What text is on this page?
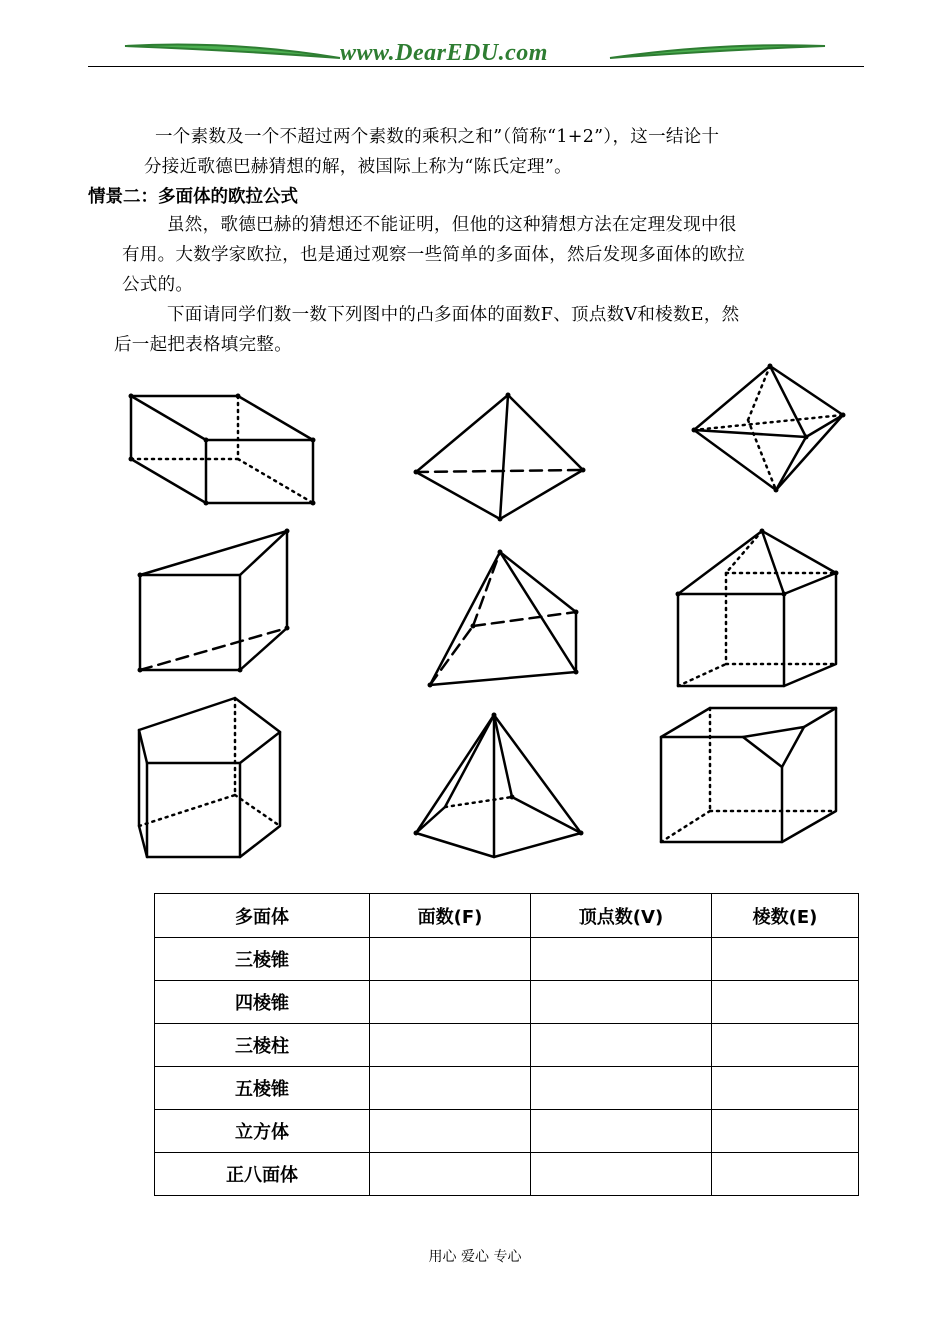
www.DearEDU.com
一个素数及一个不超过两个素数的乘积之和”（简称“1+2”），这一结论十
分接近歌德巴赫猜想的解，被国际上称为“陈氏定理”。
情景二：多面体的欧拉公式
虽然，歌德巴赫的猜想还不能证明，但他的这种猜想方法在定理发现中很
有用。大数学家欧拉，也是通过观察一些简单的多面体，然后发现多面体的欧拉
公式的。
下面请同学们数一数下列图中的凸多面体的面数F、顶点数V和棱数E，然
后一起把表格填完整。
多面体	面数(F)	顶点数(V)	棱数(E)
三棱锥			
四棱锥			
三棱柱			
五棱锥			
立方体			
正八面体			
用心 爱心 专心
